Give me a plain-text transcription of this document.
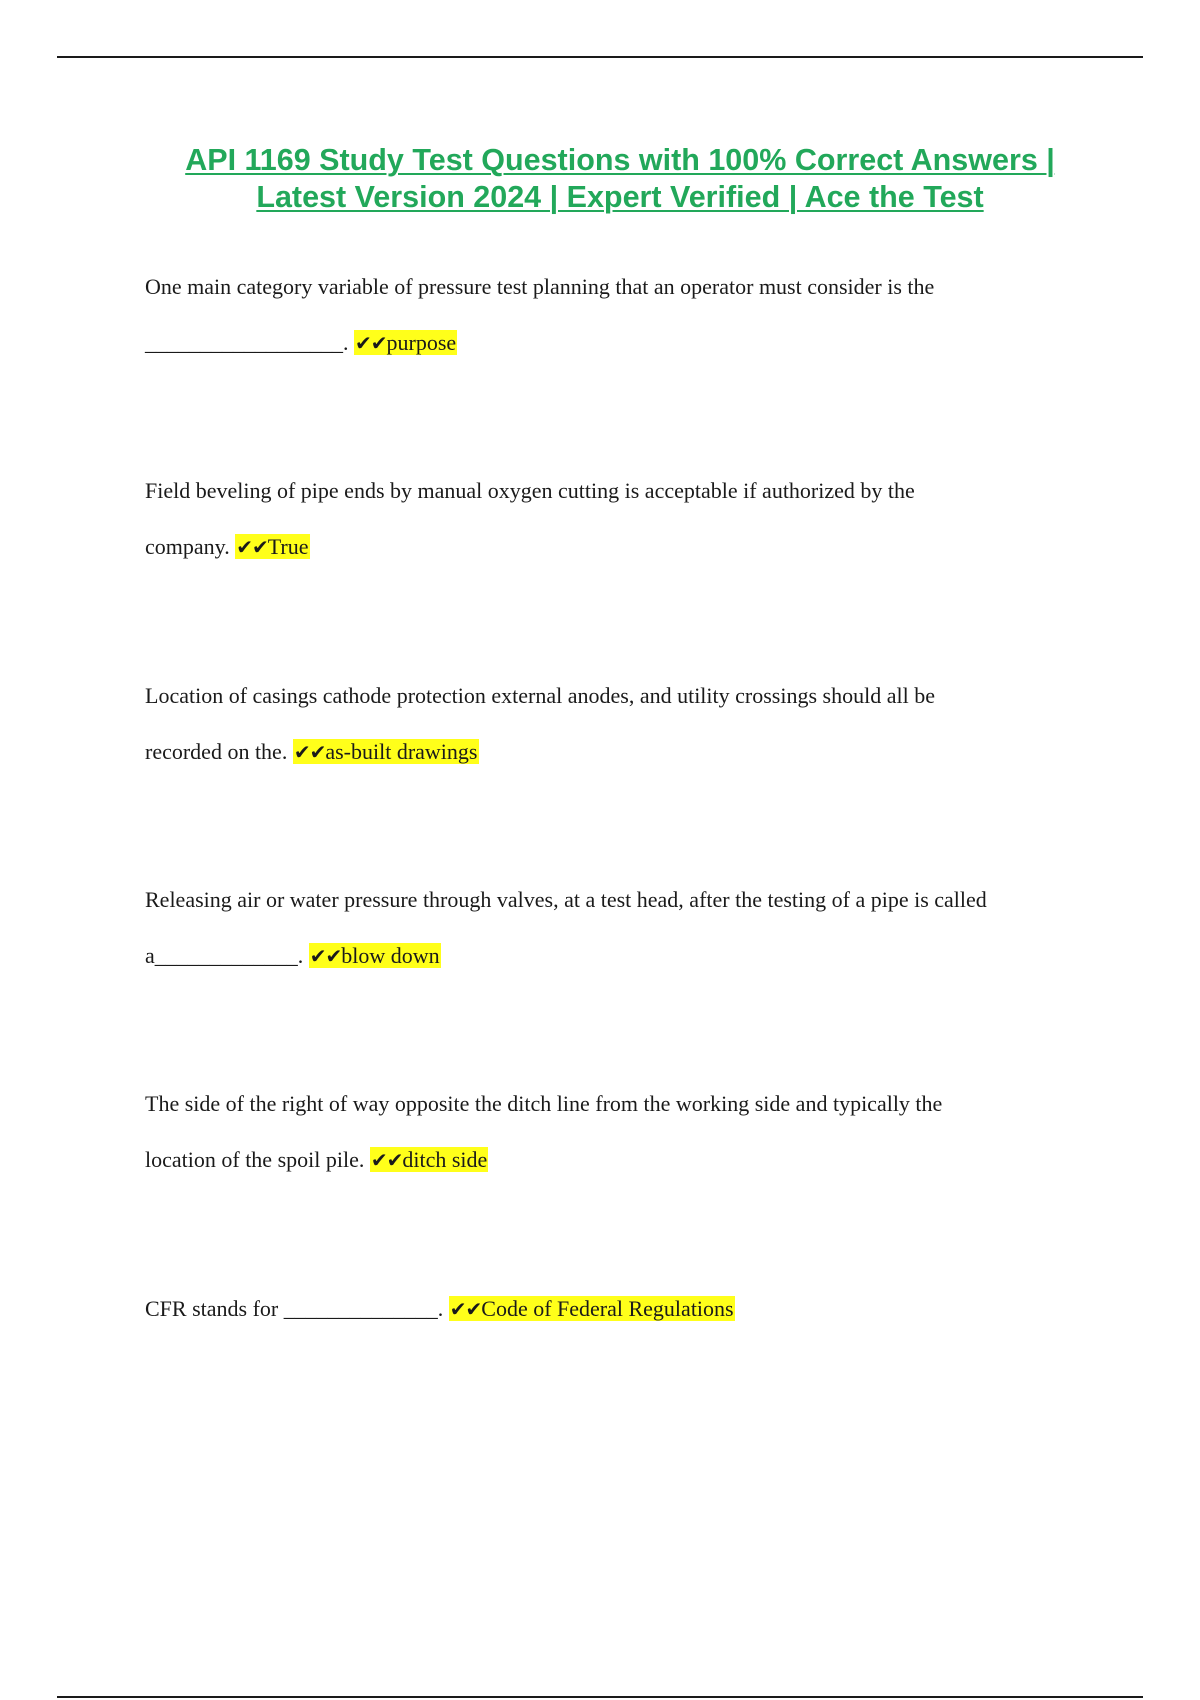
API 1169 Study Test Questions with 100% Correct Answers |
Latest Version 2024 | Expert Verified | Ace the Test

One main category variable of pressure test planning that an operator must consider is the

__________________. ✔✔purpose

Field beveling of pipe ends by manual oxygen cutting is acceptable if authorized by the

company. ✔✔True

Location of casings cathode protection external anodes, and utility crossings should all be

recorded on the. ✔✔as-built drawings

Releasing air or water pressure through valves, at a test head, after the testing of a pipe is called

a_____________. ✔✔blow down

The side of the right of way opposite the ditch line from the working side and typically the

location of the spoil pile. ✔✔ditch side

CFR stands for ______________. ✔✔Code of Federal Regulations
